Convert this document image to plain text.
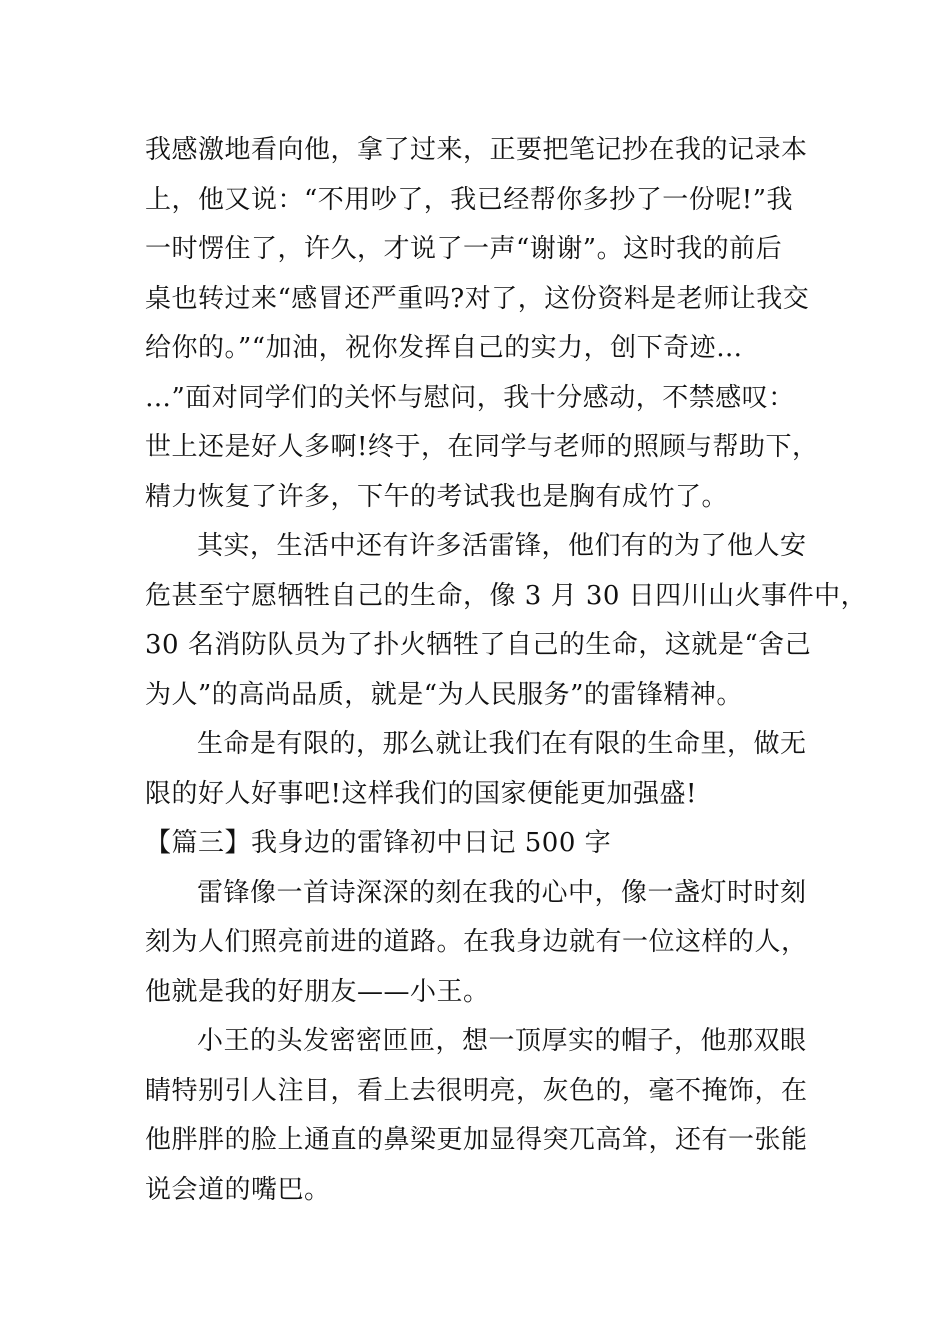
我感激地看向他，拿了过来，正要把笔记抄在我的记录本
上，他又说：“不用吵了，我已经帮你多抄了一份呢!”我
一时愣住了，许久，才说了一声“谢谢”。这时我的前后
桌也转过来“感冒还严重吗?对了，这份资料是老师让我交
给你的。”“加油，祝你发挥自己的实力，创下奇迹…
…”面对同学们的关怀与慰问，我十分感动，不禁感叹：
世上还是好人多啊!终于，在同学与老师的照顾与帮助下，
精力恢复了许多，下午的考试我也是胸有成竹了。
其实，生活中还有许多活雷锋，他们有的为了他人安
危甚至宁愿牺牲自己的生命，像 3 月 30 日四川山火事件中，
30 名消防队员为了扑火牺牲了自己的生命，这就是“舍己
为人”的高尚品质，就是“为人民服务”的雷锋精神。
生命是有限的，那么就让我们在有限的生命里，做无
限的好人好事吧!这样我们的国家便能更加强盛!
【篇三】我身边的雷锋初中日记 500 字
雷锋像一首诗深深的刻在我的心中，像一盏灯时时刻
刻为人们照亮前进的道路。在我身边就有一位这样的人，
他就是我的好朋友——小王。
小王的头发密密匝匝，想一顶厚实的帽子，他那双眼
睛特别引人注目，看上去很明亮，灰色的，毫不掩饰，在
他胖胖的脸上通直的鼻梁更加显得突兀高耸，还有一张能
说会道的嘴巴。
